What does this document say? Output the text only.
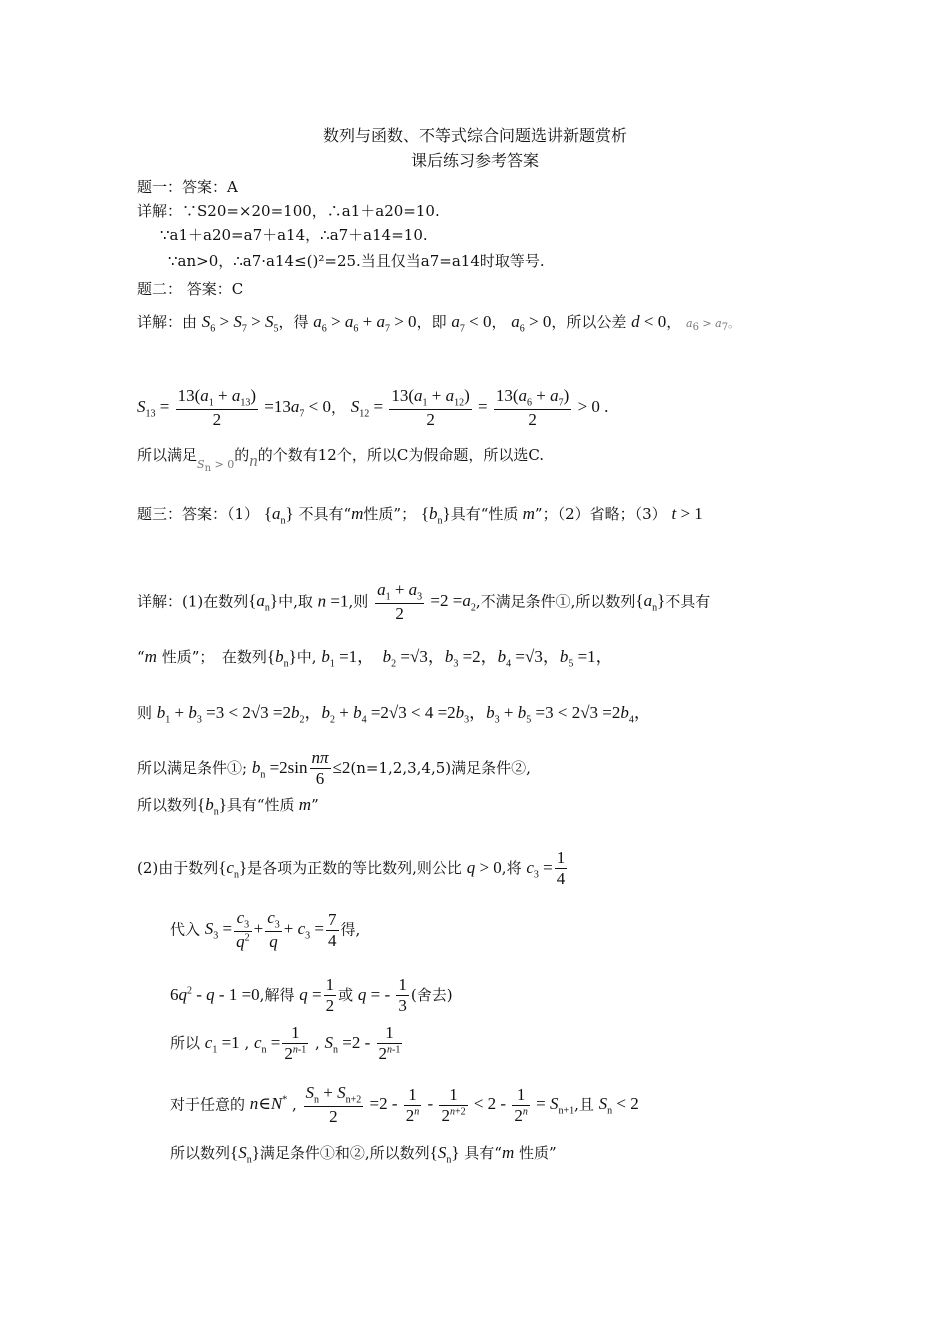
数列与函数、不等式综合问题选讲新题赏析
课后练习参考答案
题一：答案：A
详解：∵S20=×20=100，∴a1＋a20=10.
∵a1＋a20=a7＋a14，∴a7＋a14=10.
∵an>0，∴a7·a14≤()²=25.当且仅当a7=a14时取等号.
题二： 答案：C
详解：由 $S_6 > S_7 > S_5$，得 $a_6 > a_6 + a_7 > 0$，即 $a_7 < 0$， $a_6 > 0$，所以公差 d < 0， $a_6 > a_7$。
$S_{13} = \frac{13(a_1 + a_{13})}{2} =13a_7 < 0$， $S_{12} = \frac{13(a_1 + a_{12})}{2} = \frac{13(a_6 + a_7)}{2} > 0$ .
所以满足$_{S_n > 0}$的n的个数有12个，所以C为假命题，所以选C.
题三：答案：（1） $\{a_n\}$ 不具有“m性质”； $\{b_n\}$具有“性质 m”；（2）省略；（3） t > 1
详解：(1)在数列$\{a_n\}$中,取 n =1,则 $\frac{a_1 + a_3}{2} =2 =a_2$,不满足条件①,所以数列$\{a_n\}$不具有
“m 性质”；　在数列$\{b_n\}$中, $b_1 =1$，  $b_2 =√3$，$b_3 =2$，$b_4 =√3$，$b_5 =1$，
则 $b_1 + b_3 =3 < 2√3 =2b_2$，$b_2 + b_4 =2√3 < 4 =2b_3$，$b_3 + b_5 =3 < 2√3 =2b_4$，
所以满足条件①; $b_n =2\sin \frac{n\pi}{6} \le 2(n=1,2,3,4,5)$满足条件②,
所以数列$\{b_n\}$具有“性质 m”
(2)由于数列$\{c_n\}$是各项为正数的等比数列,则公比 q > 0,将 $c_3 = \frac{1}{4}$
代入 $S_3 = \frac{c_3}{q^2} + \frac{c_3}{q} + c_3 = \frac{7}{4}$ 得,
$6q^2 - q - 1 =0$,解得 $q = \frac{1}{2}$ 或 q = - $\frac{1}{3}$ (舍去)
所以 $c_1 =1$ , $c_n = \frac{1}{2^{n-1}}$ , $S_n =2 - \frac{1}{2^{n-1}}$
对于任意的 n∈N* , $\frac{S_n + S_{n+2}}{2} =2 - \frac{1}{2^n} - \frac{1}{2^{n+2}} < 2 - \frac{1}{2^n} = S_{n+1}$,且 $S_n < 2$
所以数列$\{S_n\}$满足条件①和②,所以数列$\{S_n\}$ 具有“m 性质”
